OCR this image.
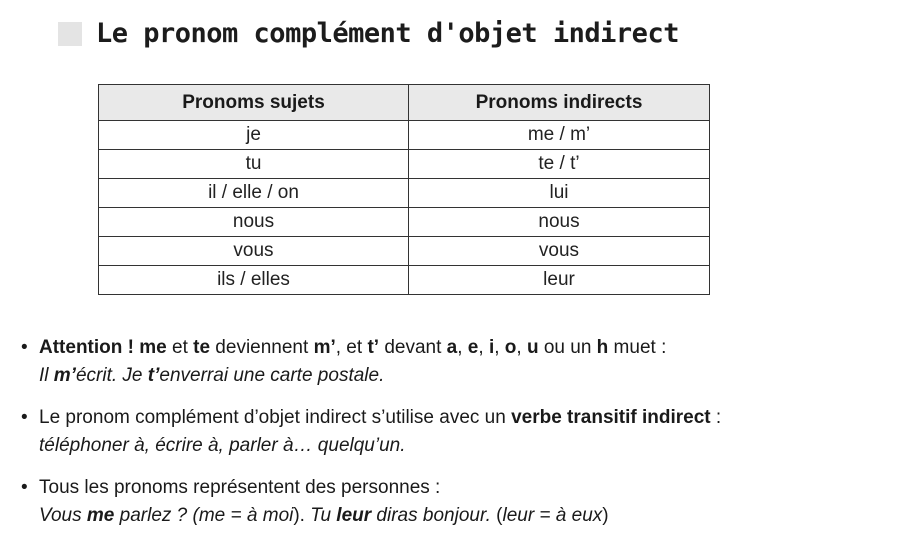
Le pronom complément d'objet indirect
Pronoms sujets	Pronoms indirects
je	me / m’
tu	te / t’
il / elle / on	lui
nous	nous
vous	vous
ils / elles	leur
• Attention ! me et te deviennent m’, et t’ devant a, e, i, o, u ou un h muet :
Il m’écrit. Je t’enverrai une carte postale.
• Le pronom complément d’objet indirect s’utilise avec un verbe transitif indirect :
téléphoner à, écrire à, parler à… quelqu’un.
• Tous les pronoms représentent des personnes :
Vous me parlez ? (me = à moi). Tu leur diras bonjour. (leur = à eux)
